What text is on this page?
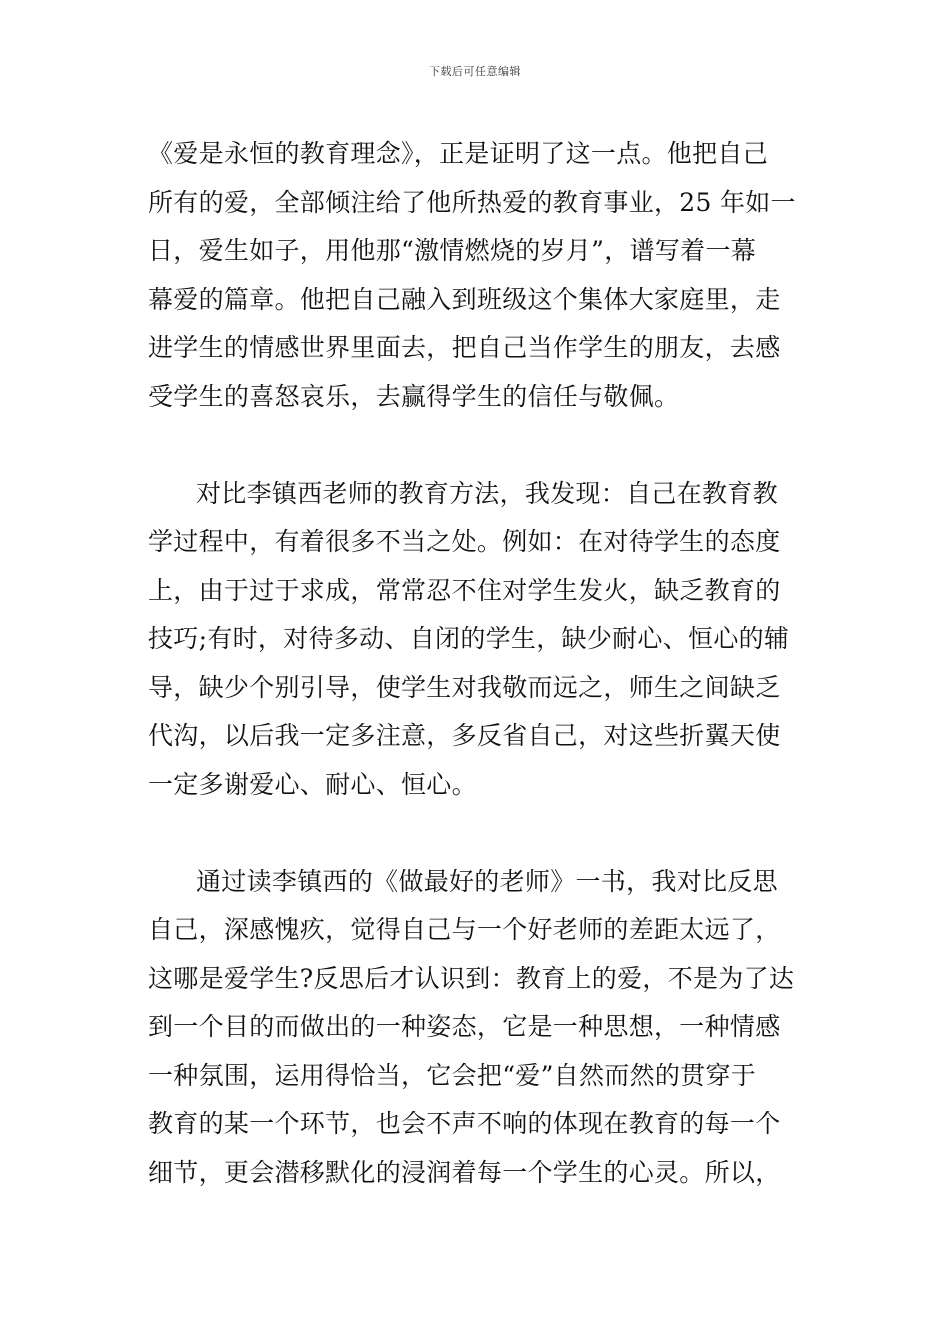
下载后可任意编辑
《爱是永恒的教育理念》，正是证明了这一点。他把自己
所有的爱，全部倾注给了他所热爱的教育事业，25 年如一
日，爱生如子，用他那“激情燃烧的岁月”，谱写着一幕
幕爱的篇章。他把自己融入到班级这个集体大家庭里，走
进学生的情感世界里面去，把自己当作学生的朋友，去感
受学生的喜怒哀乐，去赢得学生的信任与敬佩。
对比李镇西老师的教育方法，我发现：自己在教育教
学过程中，有着很多不当之处。例如：在对待学生的态度
上，由于过于求成，常常忍不住对学生发火，缺乏教育的
技巧;有时，对待多动、自闭的学生，缺少耐心、恒心的辅
导，缺少个别引导，使学生对我敬而远之，师生之间缺乏
代沟，以后我一定多注意，多反省自己，对这些折翼天使
一定多谢爱心、耐心、恒心。
通过读李镇西的《做最好的老师》一书，我对比反思
自己，深感愧疚，觉得自己与一个好老师的差距太远了，
这哪是爱学生?反思后才认识到：教育上的爱，不是为了达
到一个目的而做出的一种姿态，它是一种思想，一种情感
一种氛围，运用得恰当，它会把“爱”自然而然的贯穿于
教育的某一个环节，也会不声不响的体现在教育的每一个
细节，更会潜移默化的浸润着每一个学生的心灵。所以，
